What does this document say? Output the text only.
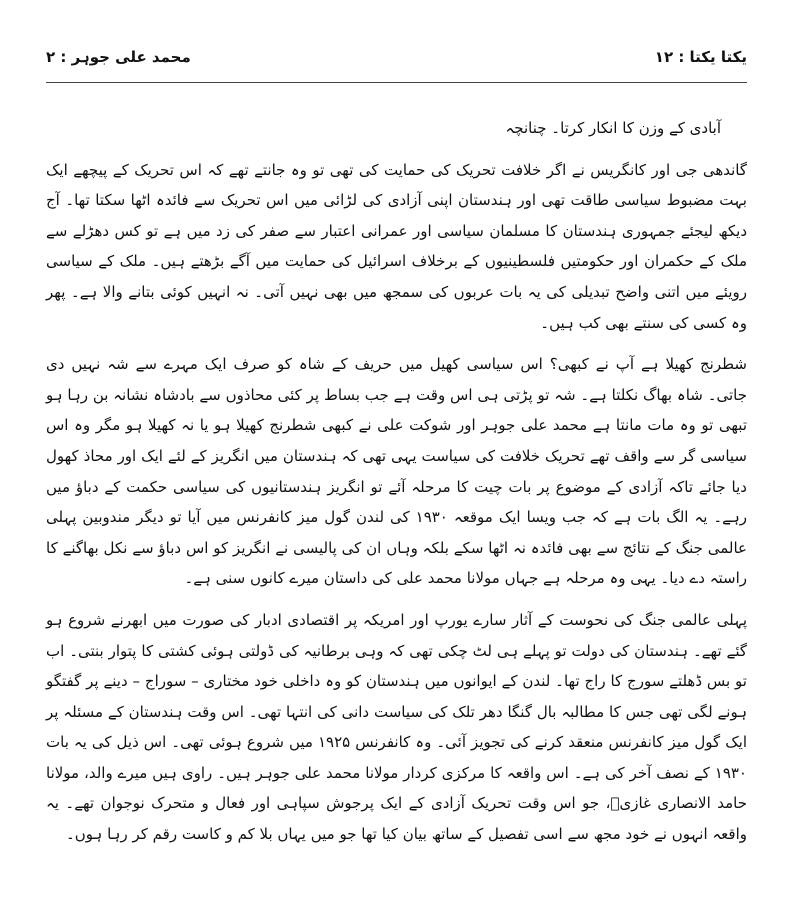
یکتا یکتا : ۱۲
محمد علی جوہر : ۲

آبادی کے وزن کا انکار کرتا۔ چنانچہ

گاندھی جی اور کانگریس نے اگر خلافت تحریک کی حمایت کی تھی تو وہ جانتے تھے کہ اس تحریک کے پیچھے ایک بہت مضبوط سیاسی طاقت تھی اور ہندستان اپنی آزادی کی لڑائی میں اس تحریک سے فائدہ اٹھا سکتا تھا۔ آج دیکھ لیجئے جمہوری ہندستان کا مسلمان سیاسی اور عمرانی اعتبار سے صفر کی زد میں ہے تو کس دھڑلے سے ملک کے حکمران اور حکومتیں فلسطینیوں کے برخلاف اسرائیل کی حمایت میں آگے بڑھتے ہیں۔ ملک کے سیاسی رویئے میں اتنی واضح تبدیلی کی یہ بات عربوں کی سمجھ میں بھی نہیں آتی۔ نہ انہیں کوئی بتانے والا ہے۔ پھر وہ کسی کی سنتے بھی کب ہیں۔

شطرنج کھیلا ہے آپ نے کبھی؟ اس سیاسی کھیل میں حریف کے شاہ کو صرف ایک مہرے سے شہ نہیں دی جاتی۔ شاہ بھاگ نکلتا ہے۔ شہ تو پڑتی ہی اس وقت ہے جب بساط پر کئی محاذوں سے بادشاہ نشانہ بن رہا ہو تبھی تو وہ مات مانتا ہے محمد علی جوہر اور شوکت علی نے کبھی شطرنج کھیلا ہو یا نہ کھیلا ہو مگر وہ اس سیاسی گر سے واقف تھے تحریک خلافت کی سیاست یہی تھی کہ ہندستان میں انگریز کے لئے ایک اور محاذ کھول دیا جائے تاکہ آزادی کے موضوع پر بات چیت کا مرحلہ آئے تو انگریز ہندستانیوں کی سیاسی حکمت کے دباؤ میں رہے۔ یہ الگ بات ہے کہ جب ویسا ایک موقعہ ۱۹۳۰ کی لندن گول میز کانفرنس میں آیا تو دیگر مندوبین پہلی عالمی جنگ کے نتائج سے بھی فائدہ نہ اٹھا سکے بلکہ وہاں ان کی پالیسی نے انگریز کو اس دباؤ سے نکل بھاگنے کا راستہ دے دیا۔ یہی وہ مرحلہ ہے جہاں مولانا محمد علی کی داستان میرے کانوں سنی ہے۔

پہلی عالمی جنگ کی نحوست کے آثار سارے یورپ اور امریکہ پر اقتصادی ادبار کی صورت میں ابھرنے شروع ہو گئے تھے۔ ہندستان کی دولت تو پہلے ہی لٹ چکی تھی کہ وہی برطانیہ کی ڈولتی ہوئی کشتی کا پتوار بنتی۔ اب تو بس ڈھلتے سورج کا راج تھا۔ لندن کے ایوانوں میں ہندستان کو وہ داخلی خود مختاری – سوراج – دینے پر گفتگو ہونے لگی تھی جس کا مطالبہ بال گنگا دھر تلک کی سیاست دانی کی انتہا تھی۔ اس وقت ہندستان کے مسئلہ پر ایک گول میز کانفرنس منعقد کرنے کی تجویز آئی۔ وہ کانفرنس ۱۹۲۵ میں شروع ہوئی تھی۔ اس ذیل کی یہ بات ۱۹۳۰ کے نصف آخر کی ہے۔ اس واقعہ کا مرکزی کردار مولانا محمد علی جوہر ہیں۔ راوی ہیں میرے والد، مولانا حامد الانصاری غازیؒ، جو اس وقت تحریک آزادی کے ایک پرجوش سپاہی اور فعال و متحرک نوجوان تھے۔ یہ واقعہ انہوں نے خود مجھ سے اسی تفصیل کے ساتھ بیان کیا تھا جو میں یہاں بلا کم و کاست رقم کر رہا ہوں۔
